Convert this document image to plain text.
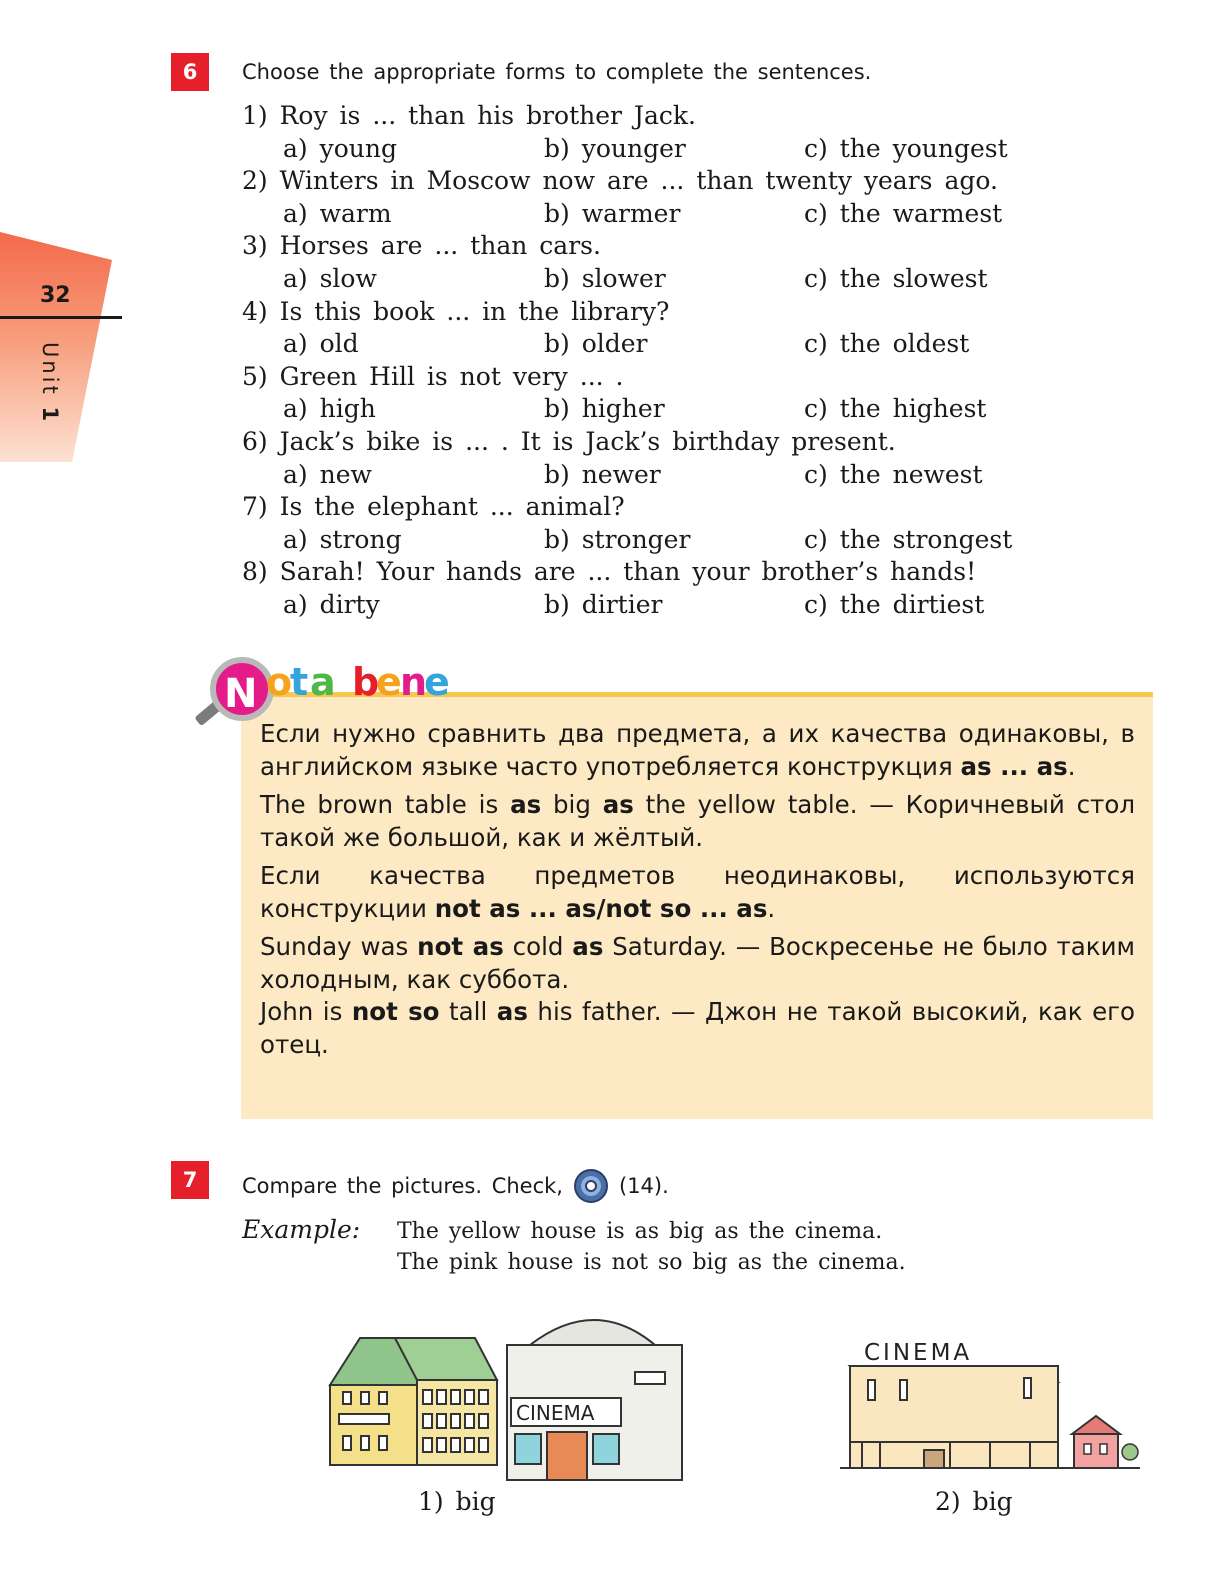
32
Unit 1
6	Choose the appropriate forms to complete the sentences.
1) Roy is ... than his brother Jack.
a) young	b) younger	c) the youngest
2) Winters in Moscow now are ... than twenty years ago.
a) warm	b) warmer	c) the warmest
3) Horses are ... than cars.
a) slow	b) slower	c) the slowest
4) Is this book ... in the library?
a) old	b) older	c) the oldest
5) Green Hill is not very ... .
a) high	b) higher	c) the highest
6) Jack’s bike is ... . It is Jack’s birthday present.
a) new	b) newer	c) the newest
7) Is the elephant ... animal?
a) strong	b) stronger	c) the strongest
8) Sarah! Your hands are ... than your brother’s hands!
a) dirty	b) dirtier	c) the dirtiest
N o
t a b
e
n
e

Если нужно сравнить два предмета, а их качества одинаковы, в английском языке часто употребляется конструкция as ... as.

The brown table is as big as the yellow table. — Коричневый стол такой же большой, как и жёлтый.

Если качества предметов неодинаковы, используются конструкции not as ... as/not so ... as.

Sunday was not as cold as Saturday. — Воскресенье не было таким холодным, как суббота.

John is not so tall as his father. — Джон не такой высокий, как его отец.

7	Compare the pictures. Check,	(14).
Example: The yellow house is as big as the cinema.
The pink house is not so big as the cinema.
CINEMA
1) big
CINEMA
2) big
